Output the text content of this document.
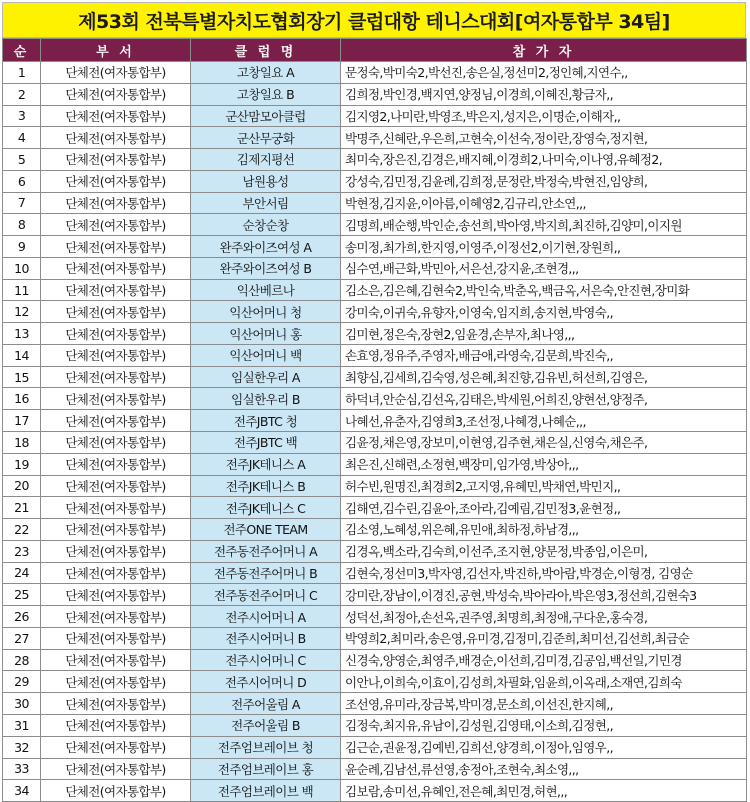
제53회 전북특별자치도협회장기 클럽대항 테니스대회[여자통합부 34팀]
순	부 서	클 럽 명	참 가 자
1	단체전(여자통합부)	고창일요 A	문정숙,박미숙2,박선진,송은실,정선미2,정인혜,지연수,,
2	단체전(여자통합부)	고창일요 B	김희정,박인경,백지연,양정님,이경희,이혜진,황금자,,
3	단체전(여자통합부)	군산맘모아클럽	김지영2,나미란,박영조,박은지,성지은,이명순,이해자,,
4	단체전(여자통합부)	군산무궁화	박명주,신혜란,우은희,고현숙,이선숙,정이란,장영숙,정지현,
5	단체전(여자통합부)	김제지평선	최미숙,장은진,김경은,배지혜,이경희2,나미숙,이나영,유혜정2,
6	단체전(여자통합부)	남원용성	강성숙,김민정,김윤례,김희정,문정란,박정숙,박현진,임양희,
7	단체전(여자통합부)	부안서림	박현정,김지윤,이아름,이혜영2,김규리,안소연,,,
8	단체전(여자통합부)	순창순창	김명희,배순행,박인순,송선희,박아영,박지희,최진하,김양미,이지원
9	단체전(여자통합부)	완주와이즈여성 A	송미정,최가희,한지영,이영주,이정선2,이기현,장원희,,
10	단체전(여자통합부)	완주와이즈여성 B	심수연,배근화,박민아,서은선,강지윤,조현경,,,
11	단체전(여자통합부)	익산베르나	김소은,김은혜,김현숙2,박인숙,박춘옥,백금옥,서은숙,안진현,장미화
12	단체전(여자통합부)	익산어머니 청	강미숙,이귀숙,유향자,이영숙,임지희,송지현,박영숙,,
13	단체전(여자통합부)	익산어머니 홍	김미현,정은숙,장현2,임윤경,손부자,최나영,,,
14	단체전(여자통합부)	익산어머니 백	손효영,정유주,주영자,배금애,라영숙,김문희,박진숙,,
15	단체전(여자통합부)	임실한우리 A	최향심,김세희,김숙영,성은혜,최진향,김유빈,허선희,김영은,
16	단체전(여자통합부)	임실한우리 B	하덕녀,안순심,김선옥,김태은,박세원,어희진,양현선,양정주,
17	단체전(여자통합부)	전주JBTC 청	나혜선,유춘자,김영희3,조선정,나혜경,나혜순,,,
18	단체전(여자통합부)	전주JBTC 백	김윤정,채은영,장보미,이현영,김주현,채은실,신영숙,채은주,
19	단체전(여자통합부)	전주JK테니스 A	최은진,신해련,소정현,백장미,임가영,박상아,,,
20	단체전(여자통합부)	전주JK테니스 B	허수빈,원명진,최경희2,고지영,유혜민,박채연,박민지,,
21	단체전(여자통합부)	전주JK테니스 C	김해연,김수린,김윤아,조아라,김예림,김민정3,윤현정,,
22	단체전(여자통합부)	전주ONE TEAM	김소영,노혜성,위은혜,유민애,최하정,하남경,,,
23	단체전(여자통합부)	전주동전주어머니 A	김경옥,백소라,김숙희,이선주,조지현,양문정,박종임,이은미,
24	단체전(여자통합부)	전주동전주어머니 B	김현숙,정선미3,박자영,김선자,박진하,박아람,박경순,이형경, 김영순
25	단체전(여자통합부)	전주동전주어머니 C	강미란,장남이,이경진,공현,박성숙,박아라아,박은영3,정선희,김현숙3
26	단체전(여자통합부)	전주시어머니 A	성덕선,최정아,손선옥,권주영,최명희,최정애,구다운,홍숙경,
27	단체전(여자통합부)	전주시어머니 B	박영희2,최미라,송은영,유미경,김정미,김준희,최미선,김선희,최금순
28	단체전(여자통합부)	전주시어머니 C	신경숙,양영순,최영주,배경순,이선희,김미경,김공임,백선일,기민경
29	단체전(여자통합부)	전주시어머니 D	이안나,이희숙,이효이,김성희,차필화,임윤희,이옥래,소재연,김희숙
30	단체전(여자통합부)	전주어울림 A	조선영,유미라,장금복,박미경,문소희,이선진,한지혜,,
31	단체전(여자통합부)	전주어울림 B	김정숙,최지유,유남이,김성원,김영태,이소희,김정현,,
32	단체전(여자통합부)	전주엄브레이브 청	김근순,권윤정,김예빈,김희선,양경희,이정아,임영우,,
33	단체전(여자통합부)	전주엄브레이브 홍	윤순례,김남선,류선영,송정아,조현숙,최소영,,,
34	단체전(여자통합부)	전주엄브레이브 백	김보람,송미선,유혜인,전은혜,최민경,허현,,,
